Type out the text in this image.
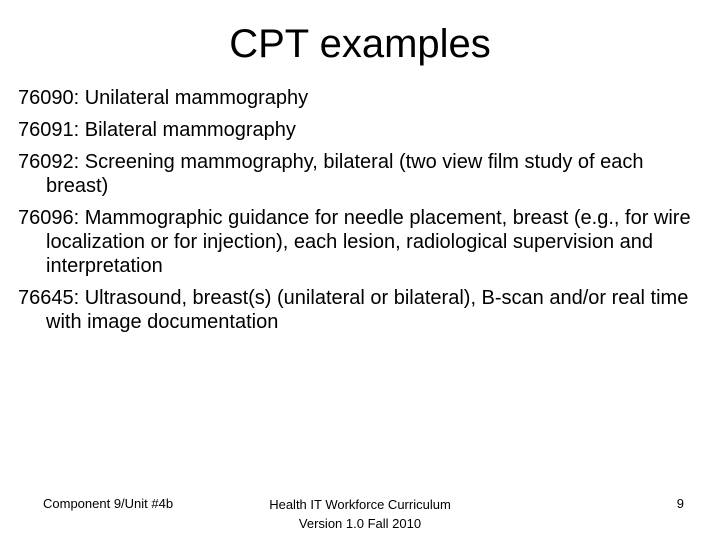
CPT examples
76090: Unilateral mammography
76091: Bilateral mammography
76092: Screening mammography, bilateral (two view film study of each breast)
76096: Mammographic guidance for needle placement, breast (e.g., for wire localization or for injection), each lesion, radiological supervision and interpretation
76645: Ultrasound, breast(s) (unilateral or bilateral), B-scan and/or real time with image documentation
Component 9/Unit #4b	Health IT Workforce Curriculum
Version 1.0 Fall 2010
9
